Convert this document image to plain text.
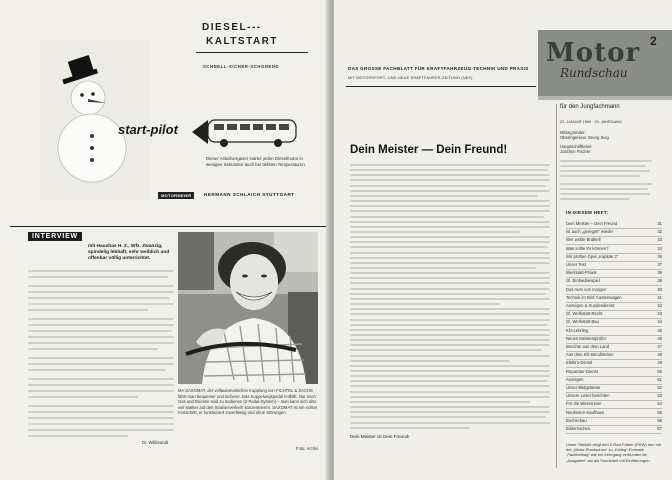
DIESEL---
KALTSTART
SCHNELL-SICHER-SCHONEND
start-pilot
Dieser Anlaßvergaser startet jeden Dieselmotor in wenigen Sekunden auch bei tiefsten Temperaturen
MOTORMEIER	HERMANN SCHLAICH STUTTGART
INTERVIEW
mit Haushas H. Z., Wfz. Zwanzig, spindelig lebhaft, sehr weiblich und offenbar völlig unterrichtet.
Dr. Willibrandt
MA SAXOMAT, der vollautomatischen Kupplung von FICHTEL & SACHS, fährt man bequemer und sicherer. Das Kuppelungspedal entfällt. Nur noch Gas und Bremse sind zu bedienen (2-Pedal-System) – man kann sich also viel stärker auf den Straßenverkehr konzentrieren. SAXOMAT ist ein echter Fortschritt, er funktioniert zuverlässig und ohne Störungen.
Foto: Archiv
Motor
Rundschau
2
DAS GROSSE FACHBLATT FÜR KRAFTFAHRZEUG-TECHNIK UND PRAXIS
MIT MOTORSPORT- UND NEUE KRAFTFAHRER-ZEITUNG (NKZ)
für den Jungfachmann
22. JANUAR 1959 · 25. JAHRGANG
Mitbegründer:
Oberingenieur Georg Sieg
Hauptschriftleiter:
Joachim Fischer
Dein Meister — Dein Freund!
Dein Meister ist Dein Freund!
IN DIESEM HEFT:
Dein Meister – Dein Freund	31
Ist auch „geregelt“ wieder	32
Wer wollte Bratkell	33
Was sollte Ihr können?	34
Wir prüften Opel „Kapitän 2“	36
Unser Test	37
Werkstatt-Praxis	38
Gl. Einbaubeispiel	39
Das Auto von morgen	40
Technik im Bild: Kastenwagen	41
Anzeigen & Kundendienst	42
Gl. Werkstatt-Recht	43
Gl. Werkstatt-Bau	44
Kfz-Lehrling	45
Neues Meistersprüfer	46
Berichte aus dem Land	47
Aus dem Kfz-Berufsleben	48
Elektro-Dienst	49
Reparatur-Dienst	50
Anzeigen	51
Unser Bildgebieter	52
Unsere Leser berichten	53
Für die Winterreise	54
Neuheiten-Kaufhaus	55
Buchschau	56
Bildersuchen	57
Unser Titelbild zeigt den 2-Rad-Fahrer (PKW) den mit der „Motor-Rundschau“ zu „Kolleg“-Formate „Fachbeitrag“ wie ein Lehrgang verbunden ist; „Ausgaben“ wir als Sonderteil mit Einführungen.
